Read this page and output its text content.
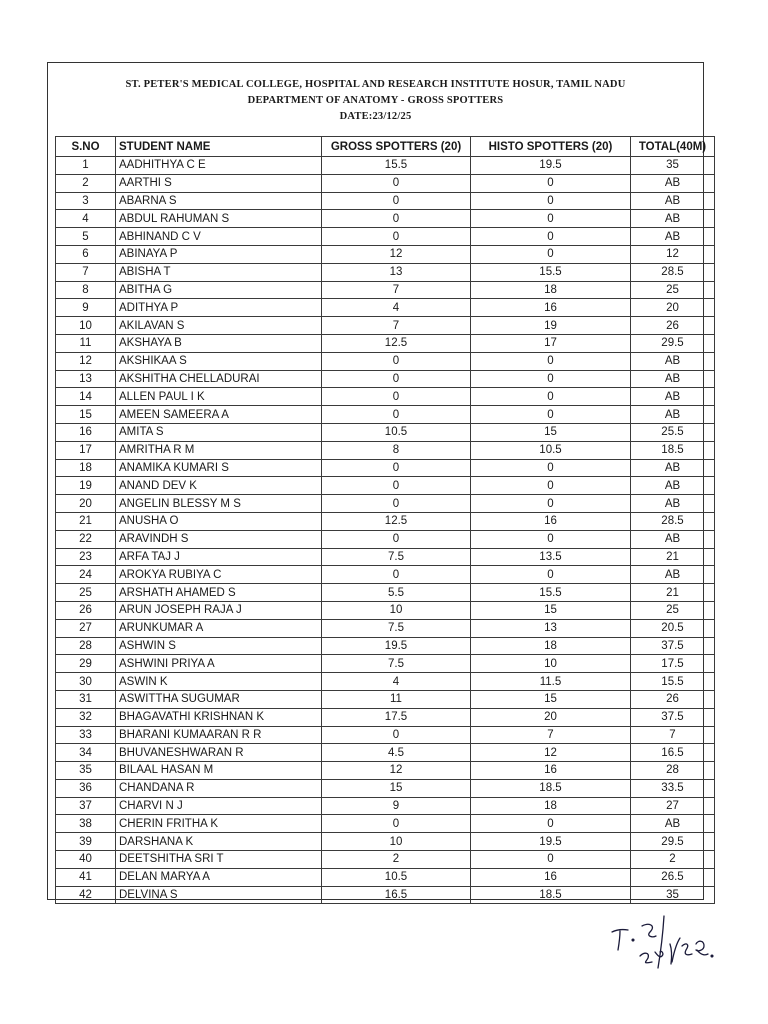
ST. PETER'S MEDICAL COLLEGE, HOSPITAL AND RESEARCH INSTITUTE HOSUR, TAMIL NADU
DEPARTMENT OF ANATOMY - GROSS SPOTTERS
DATE:23/12/25
S.NO	STUDENT NAME	GROSS SPOTTERS (20)	HISTO SPOTTERS (20)	TOTAL(40M)
1	AADHITHYA C E	15.5	19.5	35
2	AARTHI S	0	0	AB
3	ABARNA S	0	0	AB
4	ABDUL RAHUMAN S	0	0	AB
5	ABHINAND C V	0	0	AB
6	ABINAYA P	12	0	12
7	ABISHA T	13	15.5	28.5
8	ABITHA G	7	18	25
9	ADITHYA P	4	16	20
10	AKILAVAN S	7	19	26
11	AKSHAYA B	12.5	17	29.5
12	AKSHIKAA S	0	0	AB
13	AKSHITHA CHELLADURAI	0	0	AB
14	ALLEN PAUL I K	0	0	AB
15	AMEEN SAMEERA A	0	0	AB
16	AMITA S	10.5	15	25.5
17	AMRITHA R M	8	10.5	18.5
18	ANAMIKA KUMARI S	0	0	AB
19	ANAND DEV K	0	0	AB
20	ANGELIN BLESSY M S	0	0	AB
21	ANUSHA O	12.5	16	28.5
22	ARAVINDH S	0	0	AB
23	ARFA TAJ J	7.5	13.5	21
24	AROKYA RUBIYA C	0	0	AB
25	ARSHATH AHAMED S	5.5	15.5	21
26	ARUN JOSEPH RAJA J	10	15	25
27	ARUNKUMAR A	7.5	13	20.5
28	ASHWIN S	19.5	18	37.5
29	ASHWINI PRIYA A	7.5	10	17.5
30	ASWIN K	4	11.5	15.5
31	ASWITTHA SUGUMAR	11	15	26
32	BHAGAVATHI KRISHNAN K	17.5	20	37.5
33	BHARANI KUMAARAN R R	0	7	7
34	BHUVANESHWARAN R	4.5	12	16.5
35	BILAAL HASAN M	12	16	28
36	CHANDANA R	15	18.5	33.5
37	CHARVI N J	9	18	27
38	CHERIN FRITHA K	0	0	AB
39	DARSHANA K	10	19.5	29.5
40	DEETSHITHA SRI T	2	0	2
41	DELAN MARYA A	10.5	16	26.5
42	DELVINA S	16.5	18.5	35
